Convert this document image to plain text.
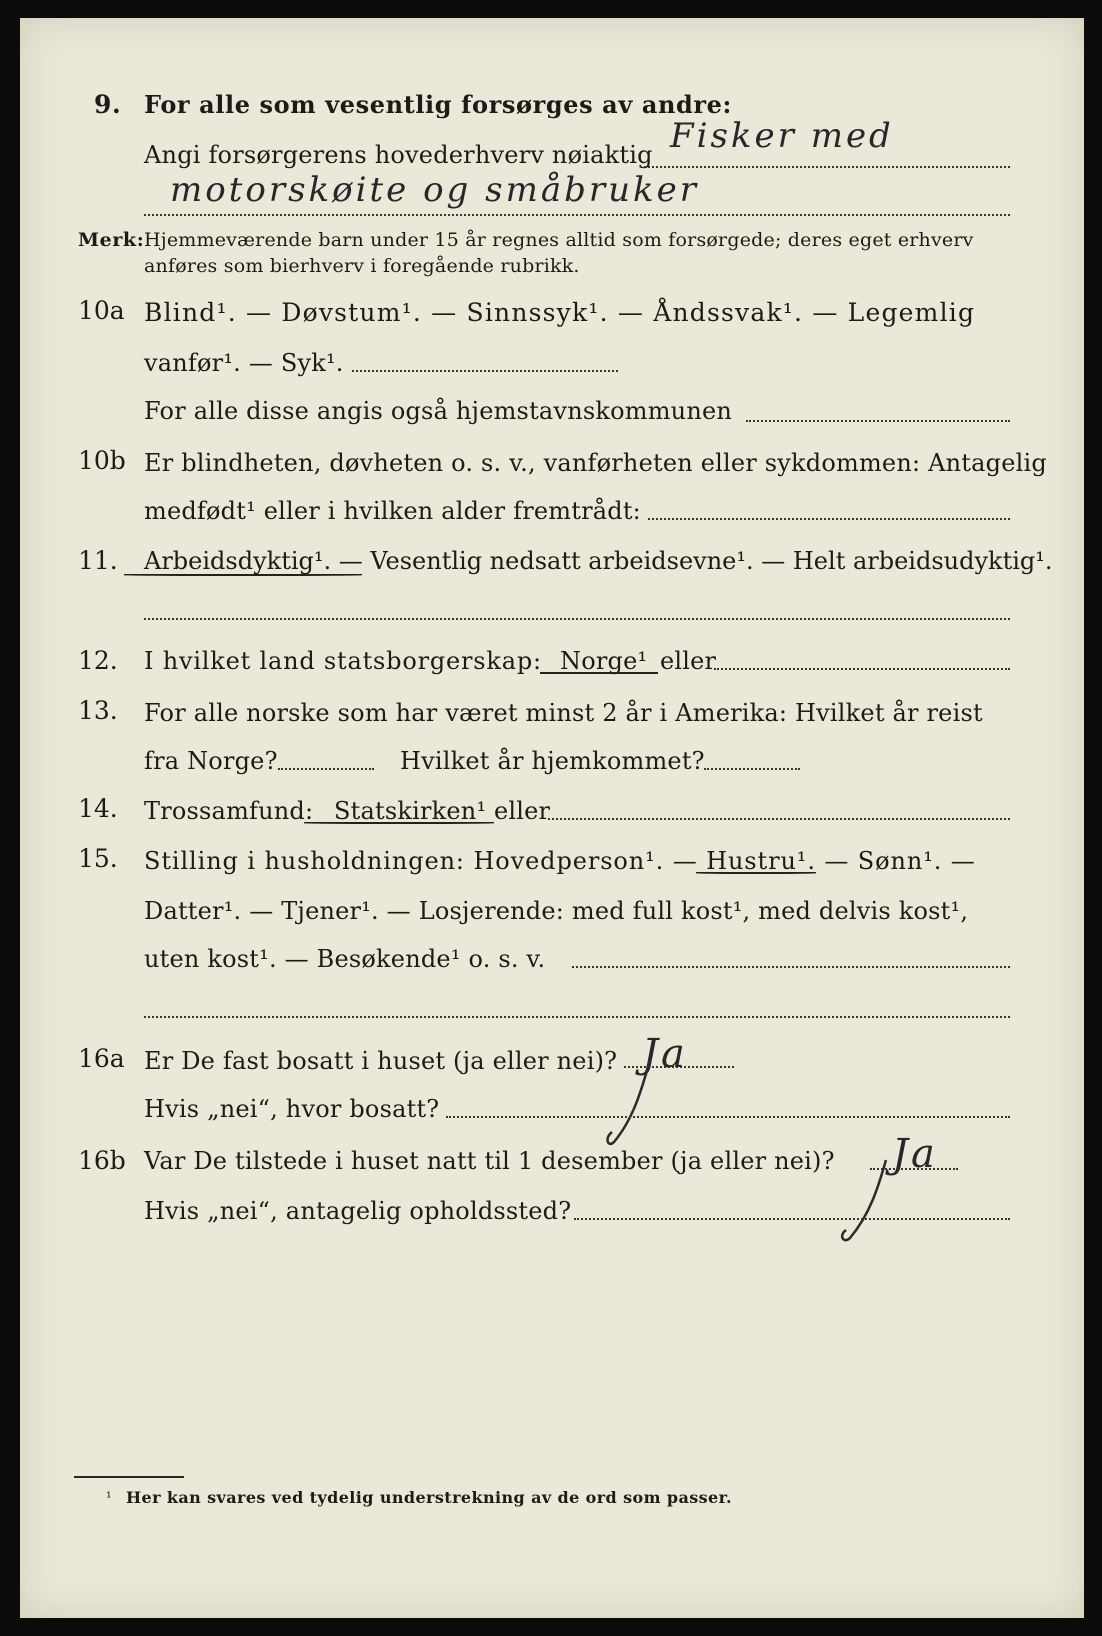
9. For alle som vesentlig forsørges av andre:
Angi forsørgerens hovederhverv nøiaktig Fisker med
motorskøite og småbruker
Merk: Hjemmeværende barn under 15 år regnes alltid som forsørgede; deres eget erhverv
anføres som bierhverv i foregående rubrikk.
10a Blind¹. — Døvstum¹. — Sinnssyk¹. — Åndssvak¹. — Legemlig
vanfør¹. — Syk¹.
For alle disse angis også hjemstavnskommunen
10b Er blindheten, døvheten o. s. v., vanførheten eller sykdommen: Antagelig
medfødt¹ eller i hvilken alder fremtrådt:
11. Arbeidsdyktig¹. — Vesentlig nedsatt arbeidsevne¹. — Helt arbeidsudyktig¹.
12. I hvilket land statsborgerskap: Norge¹ eller
13. For alle norske som har været minst 2 år i Amerika: Hvilket år reist
fra Norge?	Hvilket år hjemkommet?
14. Trossamfund: Statskirken¹ eller
15. Stilling i husholdningen: Hovedperson¹. — Hustru¹. — Sønn¹. —
Datter¹. — Tjener¹. — Losjerende: med full kost¹, med delvis kost¹,
uten kost¹. — Besøkende¹ o. s. v.
16a Er De fast bosatt i huset (ja eller nei)? Ja
Hvis „nei“, hvor bosatt?
16b Var De tilstede i huset natt til 1 desember (ja eller nei)? Ja
Hvis „nei“, antagelig opholdssted?
¹ Her kan svares ved tydelig understrekning av de ord som passer.
